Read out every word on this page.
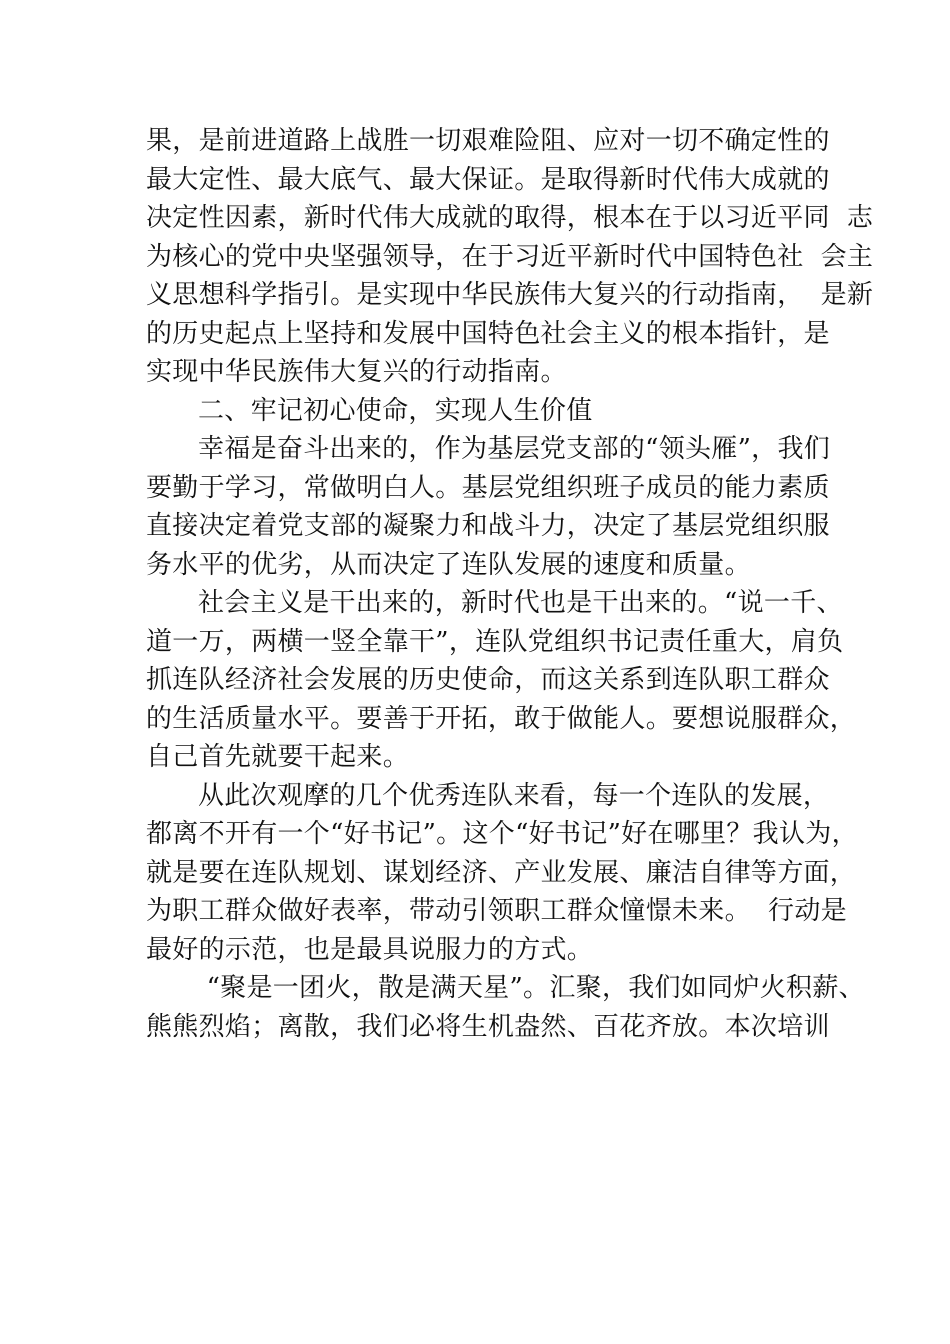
果，是前进道路上战胜一切艰难险阻、应对一切不确定性的
最大定性、最大底气、最大保证。是取得新时代伟大成就的
决定性因素，新时代伟大成就的取得，根本在于以习近平同  志
为核心的党中央坚强领导，在于习近平新时代中国特色社  会主
义思想科学指引。是实现中华民族伟大复兴的行动指南，  是新
的历史起点上坚持和发展中国特色社会主义的根本指针，是
实现中华民族伟大复兴的行动指南。
二、牢记初心使命，实现人生价值
幸福是奋斗出来的，作为基层党支部的“领头雁”，我们
要勤于学习，常做明白人。基层党组织班子成员的能力素质
直接决定着党支部的凝聚力和战斗力，决定了基层党组织服
务水平的优劣，从而决定了连队发展的速度和质量。
社会主义是干出来的，新时代也是干出来的。“说一千、
道一万，两横一竖全靠干”，连队党组织书记责任重大，肩负
抓连队经济社会发展的历史使命，而这关系到连队职工群众
的生活质量水平。要善于开拓，敢于做能人。要想说服群众，
自己首先就要干起来。
从此次观摩的几个优秀连队来看，每一个连队的发展，
都离不开有一个“好书记”。这个“好书记”好在哪里？我认为，
就是要在连队规划、谋划经济、产业发展、廉洁自律等方面，
为职工群众做好表率，带动引领职工群众憧憬未来。  行动是
最好的示范，也是最具说服力的方式。
“聚是一团火，散是满天星”。汇聚，我们如同炉火积薪、
熊熊烈焰；离散，我们必将生机盎然、百花齐放。本次培训
